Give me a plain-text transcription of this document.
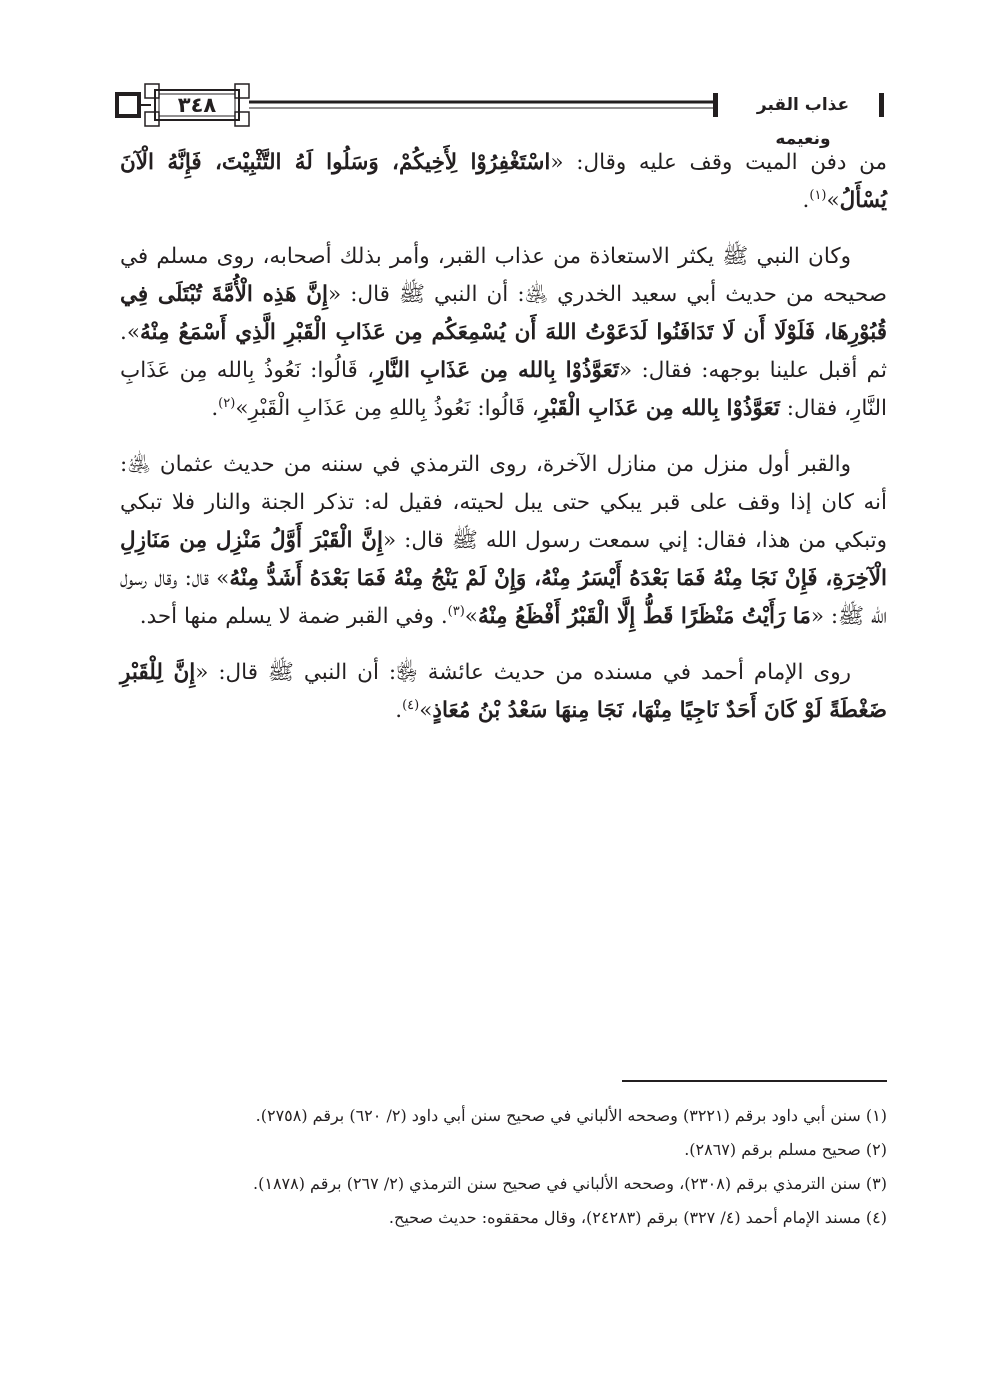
٣٤٨	عذاب القبر ونعيمه

من دفن الميت وقف عليه وقال: «اسْتَغْفِرُوْا لِأَخِيكُمْ، وَسَلُوا لَهُ التَّثْبِيْتَ، فَإِنَّهُ الْآنَ يُسْأَلُ»$^{(١)}$.

وكان النبي ﷺ يكثر الاستعاذة من عذاب القبر، وأمر بذلك أصحابه، روى مسلم في صحيحه من حديث أبي سعيد الخدري ﵁: أن النبي ﷺ قال: «إِنَّ هَذِه الْأُمَّةَ تُبْتَلَى فِي قُبُوْرِهَا، فَلَوْلَا أَن لَا تَدَافَنُوا لَدَعَوْتُ اللهَ أَن يُسْمِعَكُم مِن عَذَابِ الْقَبْرِ الَّذِي أَسْمَعُ مِنْهُ». ثم أقبل علينا بوجهه: فقال: «تَعَوَّذُوْا بِالله مِن عَذَابِ النَّارِ، قَالُوا: نَعُوذُ بِالله مِن عَذَابِ النَّارِ، فقال: تَعَوَّذُوْا بِالله مِن عَذَابِ الْقَبْرِ، قَالُوا: نَعُوذُ بِاللهِ مِن عَذَابِ الْقَبْرِ»$^{(٢)}$.

والقبر أول منزل من منازل الآخرة، روى الترمذي في سننه من حديث عثمان ﵁: أنه كان إذا وقف على قبر يبكي حتى يبل لحيته، فقيل له: تذكر الجنة والنار فلا تبكي وتبكي من هذا، فقال: إني سمعت رسول الله ﷺ قال: «إِنَّ الْقَبْرَ أَوَّلُ مَنْزِل مِن مَنَازِلِ الْآخِرَةِ، فَإِنْ نَجَا مِنْهُ فَمَا بَعْدَهُ أَيْسَرُ مِنْهُ، وَإِنْ لَمْ يَنْجُ مِنْهُ فَمَا بَعْدَهُ أَشَدُّ مِنْهُ» قال: وقال رسول الله ﷺ: «مَا رَأَيْتُ مَنْظَرًا قَطُّ إِلَّا الْقَبْرُ أَفْظَعُ مِنْهُ»$^{(٣)}$. وفي القبر ضمة لا يسلم منها أحد.

روى الإمام أحمد في مسنده من حديث عائشة ﵂: أن النبي ﷺ قال: «إِنَّ لِلْقَبْرِ ضَغْطَةً لَوْ كَانَ أَحَدٌ نَاجِيًا مِنْهَا، نَجَا مِنهَا سَعْدُ بْنُ مُعَاذٍ»$^{(٤)}$.

(١) سنن أبي داود برقم (٣٢٢١) وصححه الألباني في صحيح سنن أبي داود (٢/ ٦٢٠) برقم (٢٧٥٨).
(٢) صحيح مسلم برقم (٢٨٦٧).
(٣) سنن الترمذي برقم (٢٣٠٨)، وصححه الألباني في صحيح سنن الترمذي (٢/ ٢٦٧) برقم (١٨٧٨).
(٤) مسند الإمام أحمد (٤/ ٣٢٧) برقم (٢٤٢٨٣)، وقال محققوه: حديث صحيح.
